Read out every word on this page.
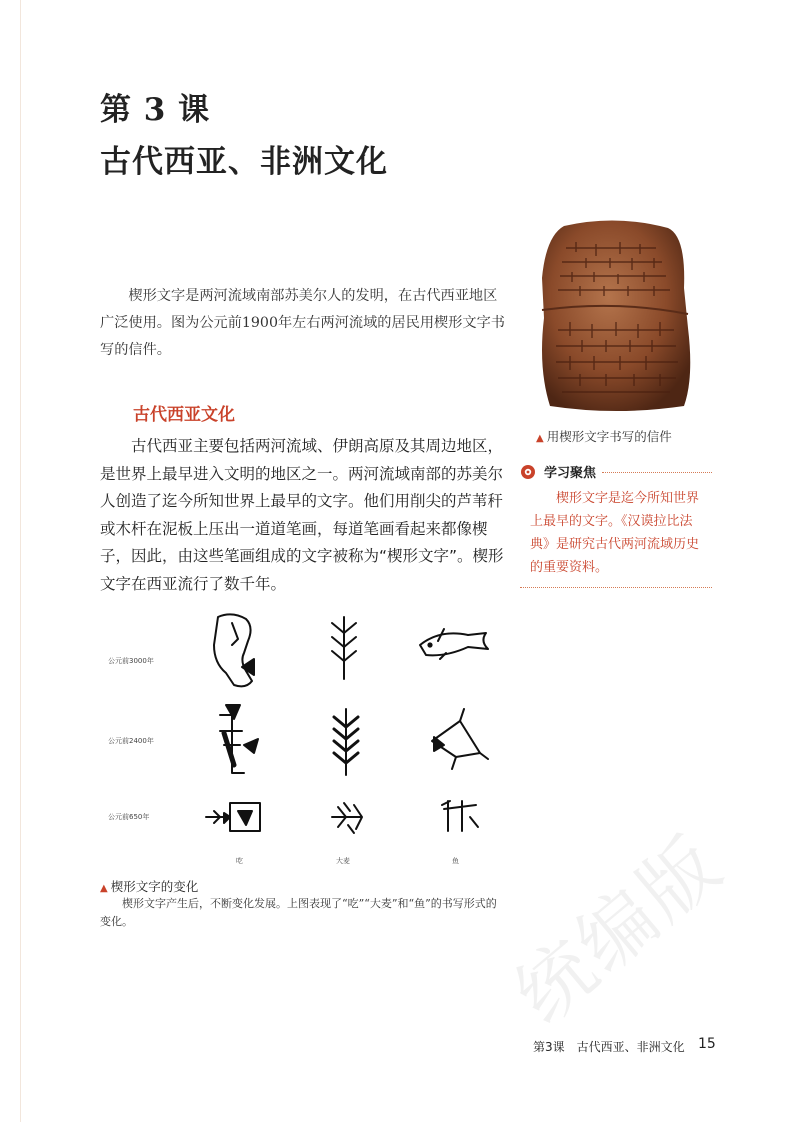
第 3 课
古代西亚、非洲文化
楔形文字是两河流域南部苏美尔人的发明，在古代西亚地区广泛使用。图为公元前1900年左右两河流域的居民用楔形文字书写的信件。
古代西亚文化
古代西亚主要包括两河流域、伊朗高原及其周边地区，是世界上最早进入文明的地区之一。两河流域南部的苏美尔人创造了迄今所知世界上最早的文字。他们用削尖的芦苇秆或木杆在泥板上压出一道道笔画，每道笔画看起来都像楔子，因此，由这些笔画组成的文字被称为“楔形文字”。楔形文字在西亚流行了数千年。
▲ 用楔形文字书写的信件
学习聚焦
楔形文字是迄今所知世界上最早的文字。《汉谟拉比法典》是研究古代两河流域历史的重要资料。
公元前3000年
公元前2400年
公元前650年
吃	大麦	鱼
▲ 楔形文字的变化
楔形文字产生后，不断变化发展。上图表现了“吃”“大麦”和“鱼”的书写形式的变化。	统编版
第3课　古代西亚、非洲文化 15
